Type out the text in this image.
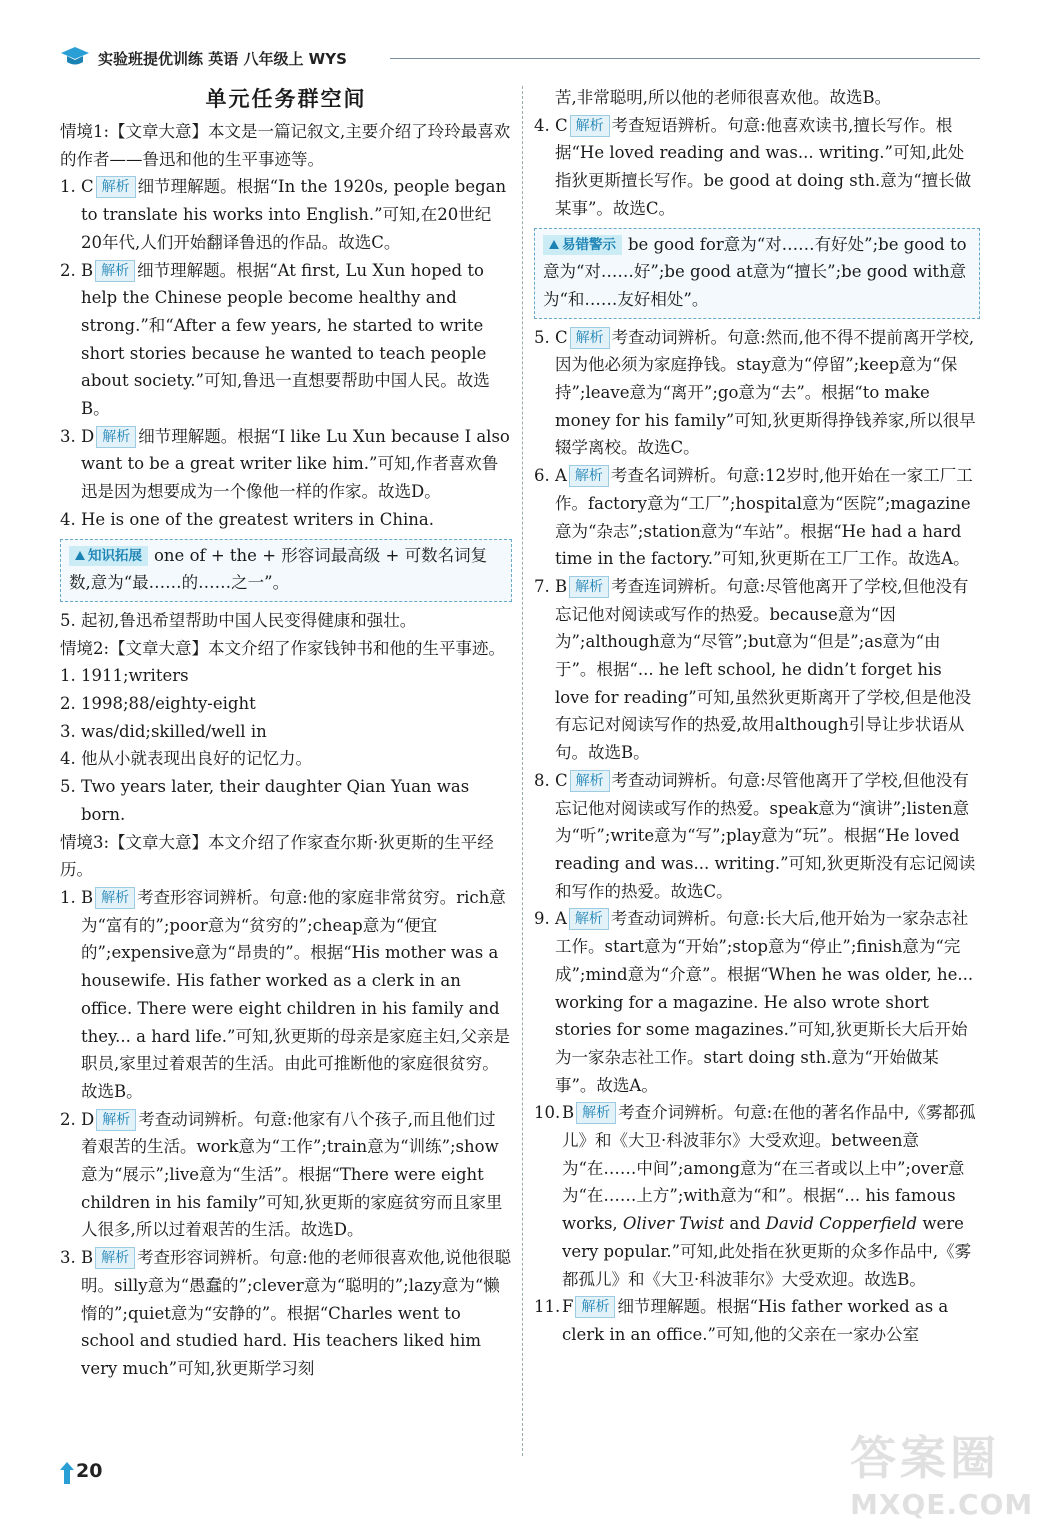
实验班提优训练 英语 八年级上 WYS
单元任务群空间

情境1:【文章大意】本文是一篇记叙文,主要介绍了玲玲最喜欢的作者——鲁迅和他的生平事迹等。

1. C 解析 细节理解题。根据“In the 1920s, people began to translate his works into English.”可知,在20世纪20年代,人们开始翻译鲁迅的作品。故选C。

2. B 解析 细节理解题。根据“At first, Lu Xun hoped to help the Chinese people become healthy and strong.”和“After a few years, he started to write short stories because he wanted to teach people about society.”可知,鲁迅一直想要帮助中国人民。故选B。

3. D 解析 细节理解题。根据“I like Lu Xun because I also want to be a great writer like him.”可知,作者喜欢鲁迅是因为想要成为一个像他一样的作家。故选D。

4. He is one of the greatest writers in China.

知识拓展 one of + the + 形容词最高级 + 可数名词复数,意为“最……的……之一”。

5. 起初,鲁迅希望帮助中国人民变得健康和强壮。

情境2:【文章大意】本文介绍了作家钱钟书和他的生平事迹。

1. 1911;writers

2. 1998;88/eighty-eight

3. was/did;skilled/well in

4. 他从小就表现出良好的记忆力。

5. Two years later, their daughter Qian Yuan was born.

情境3:【文章大意】本文介绍了作家查尔斯·狄更斯的生平经历。

1. B 解析 考查形容词辨析。句意:他的家庭非常贫穷。rich意为“富有的”;poor意为“贫穷的”;cheap意为“便宜的”;expensive意为“昂贵的”。根据“His mother was a housewife. His father worked as a clerk in an office. There were eight children in his family and they... a hard life.”可知,狄更斯的母亲是家庭主妇,父亲是职员,家里过着艰苦的生活。由此可推断他的家庭很贫穷。故选B。

2. D 解析 考查动词辨析。句意:他家有八个孩子,而且他们过着艰苦的生活。work意为“工作”;train意为“训练”;show意为“展示”;live意为“生活”。根据“There were eight children in his family”可知,狄更斯的家庭贫穷而且家里人很多,所以过着艰苦的生活。故选D。

3. B 解析 考查形容词辨析。句意:他的老师很喜欢他,说他很聪明。silly意为“愚蠢的”;clever意为“聪明的”;lazy意为“懒惰的”;quiet意为“安静的”。根据“Charles went to school and studied hard. His teachers liked him very much”可知,狄更斯学习刻

苦,非常聪明,所以他的老师很喜欢他。故选B。

4. C 解析 考查短语辨析。句意:他喜欢读书,擅长写作。根据“He loved reading and was... writing.”可知,此处指狄更斯擅长写作。be good at doing sth.意为“擅长做某事”。故选C。

易错警示 be good for意为“对……有好处”;be good to意为“对……好”;be good at意为“擅长”;be good with意为“和……友好相处”。

5. C 解析 考查动词辨析。句意:然而,他不得不提前离开学校,因为他必须为家庭挣钱。stay意为“停留”;keep意为“保持”;leave意为“离开”;go意为“去”。根据“to make money for his family”可知,狄更斯得挣钱养家,所以很早辍学离校。故选C。

6. A 解析 考查名词辨析。句意:12岁时,他开始在一家工厂工作。factory意为“工厂”;hospital意为“医院”;magazine意为“杂志”;station意为“车站”。根据“He had a hard time in the factory.”可知,狄更斯在工厂工作。故选A。

7. B 解析 考查连词辨析。句意:尽管他离开了学校,但他没有忘记他对阅读或写作的热爱。because意为“因为”;although意为“尽管”;but意为“但是”;as意为“由于”。根据“... he left school, he didn’t forget his love for reading”可知,虽然狄更斯离开了学校,但是他没有忘记对阅读写作的热爱,故用although引导让步状语从句。故选B。

8. C 解析 考查动词辨析。句意:尽管他离开了学校,但他没有忘记他对阅读或写作的热爱。speak意为“演讲”;listen意为“听”;write意为“写”;play意为“玩”。根据“He loved reading and was... writing.”可知,狄更斯没有忘记阅读和写作的热爱。故选C。

9. A 解析 考查动词辨析。句意:长大后,他开始为一家杂志社工作。start意为“开始”;stop意为“停止”;finish意为“完成”;mind意为“介意”。根据“When he was older, he... working for a magazine. He also wrote short stories for some magazines.”可知,狄更斯长大后开始为一家杂志社工作。start doing sth.意为“开始做某事”。故选A。

10. B 解析 考查介词辨析。句意:在他的著名作品中,《雾都孤儿》和《大卫·科波菲尔》大受欢迎。between意为“在……中间”;among意为“在三者或以上中”;over意为“在……上方”;with意为“和”。根据“... his famous works, Oliver Twist and David Copperfield were very popular.”可知,此处指在狄更斯的众多作品中,《雾都孤儿》和《大卫·科波菲尔》大受欢迎。故选B。

11. F 解析 细节理解题。根据“His father worked as a clerk in an office.”可知,他的父亲在一家办公室

20	答案圈
MXQE.COM
